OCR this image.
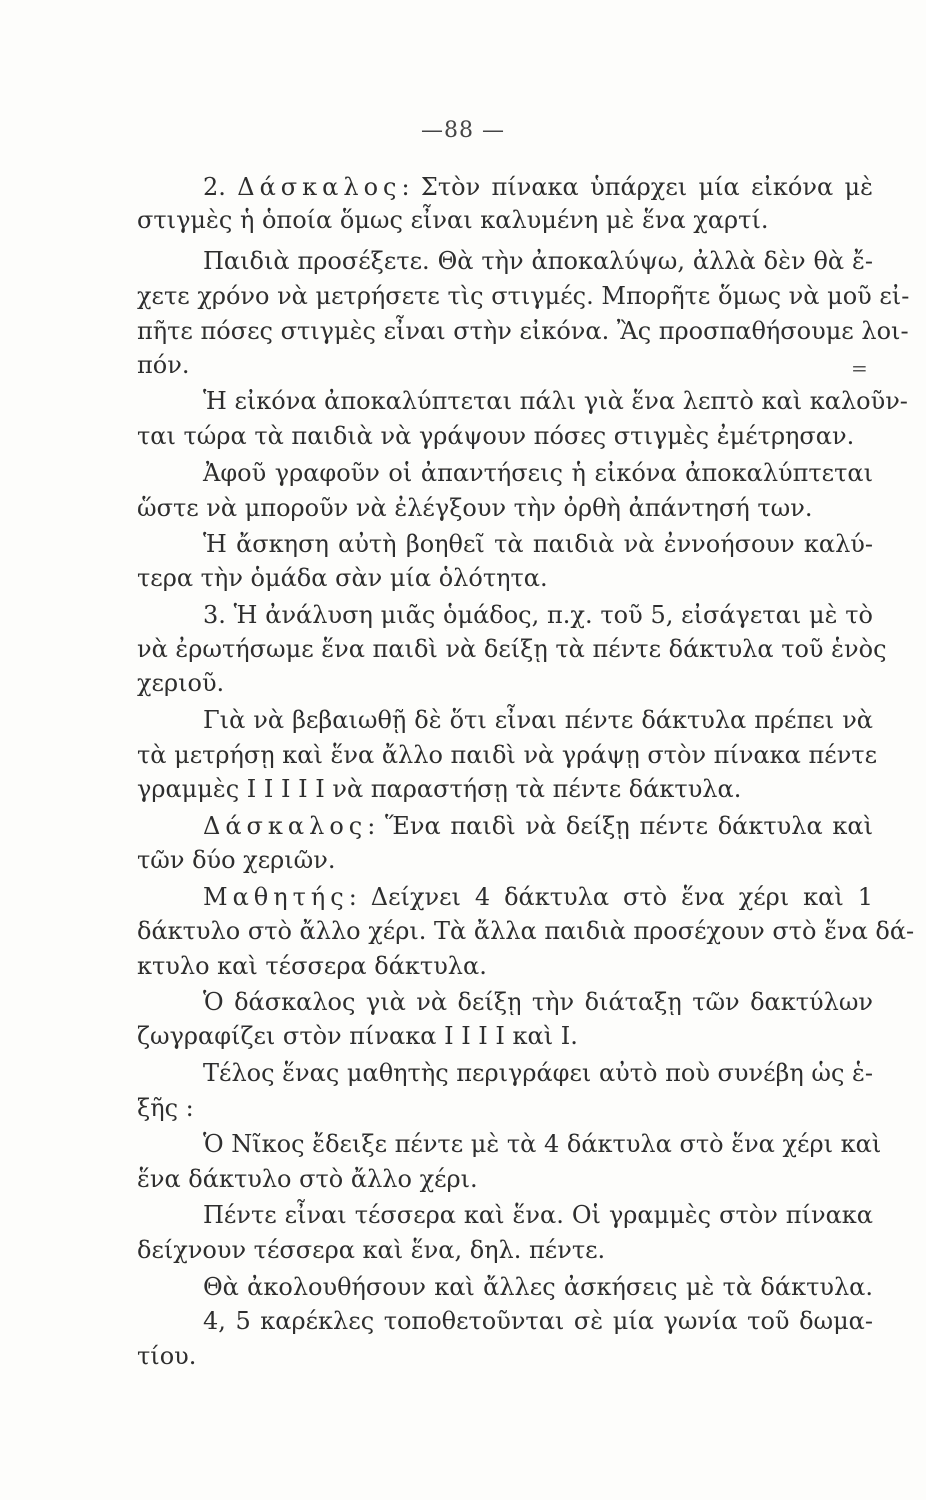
—88 —
=
2. Δάσκαλος: Στὸν πίνακα ὑπάρχει μία εἰκόνα μὲ
στιγμὲς ἡ ὁποία ὅμως εἶναι καλυμένη μὲ ἕνα χαρτί.
Παιδιὰ προσέξετε. Θὰ τὴν ἀποκαλύψω, ἀλλὰ δὲν θὰ ἔ-
χετε χρόνο νὰ μετρήσετε τὶς στιγμές. Μπορῆτε ὅμως νὰ μοῦ εἰ-
πῆτε πόσες στιγμὲς εἶναι στὴν εἰκόνα. Ἂς προσπαθήσουμε λοι-
πόν.
Ἡ εἰκόνα ἀποκαλύπτεται πάλι γιὰ ἕνα λεπτὸ καὶ καλοῦν-
ται τώρα τὰ παιδιὰ νὰ γράψουν πόσες στιγμὲς ἐμέτρησαν.
Ἀφοῦ γραφοῦν οἱ ἀπαντήσεις ἡ εἰκόνα ἀποκαλύπτεται
ὥστε νὰ μποροῦν νὰ ἐλέγξουν τὴν ὀρθὴ ἀπάντησή των.
Ἡ ἄσκηση αὐτὴ βοηθεῖ τὰ παιδιὰ νὰ ἐννοήσουν καλύ-
τερα τὴν ὁμάδα σὰν μία ὁλότητα.
3. Ἡ ἀνάλυση μιᾶς ὁμάδος, π.χ. τοῦ 5, εἰσάγεται μὲ τὸ
νὰ ἐρωτήσωμε ἕνα παιδὶ νὰ δείξῃ τὰ πέντε δάκτυλα τοῦ ἑνὸς
χεριοῦ.
Γιὰ νὰ βεβαιωθῇ δὲ ὅτι εἶναι πέντε δάκτυλα πρέπει νὰ
τὰ μετρήσῃ καὶ ἕνα ἄλλο παιδὶ νὰ γράψῃ στὸν πίνακα πέντε
γραμμὲς Ι Ι Ι Ι Ι νὰ παραστήσῃ τὰ πέντε δάκτυλα.
Δάσκαλος: Ἕνα παιδὶ νὰ δείξῃ πέντε δάκτυλα καὶ
τῶν δύο χεριῶν.
Μαθητής: Δείχνει 4 δάκτυλα στὸ ἕνα χέρι καὶ 1
δάκτυλο στὸ ἄλλο χέρι. Τὰ ἄλλα παιδιὰ προσέχουν στὸ ἕνα δά-
κτυλο καὶ τέσσερα δάκτυλα.
Ὁ δάσκαλος γιὰ νὰ δείξῃ τὴν διάταξῃ τῶν δακτύλων
ζωγραφίζει στὸν πίνακα Ι Ι Ι Ι καὶ Ι.
Τέλος ἕνας μαθητὴς περιγράφει αὐτὸ ποὺ συνέβη ὡς ἑ-
ξῆς :
Ὁ Νῖκος ἔδειξε πέντε μὲ τὰ 4 δάκτυλα στὸ ἕνα χέρι καὶ
ἕνα δάκτυλο στὸ ἄλλο χέρι.
Πέντε εἶναι τέσσερα καὶ ἕνα. Οἱ γραμμὲς στὸν πίνακα
δείχνουν τέσσερα καὶ ἕνα, δηλ. πέντε.
Θὰ ἀκολουθήσουν καὶ ἄλλες ἀσκήσεις μὲ τὰ δάκτυλα.
4, 5 καρέκλες τοποθετοῦνται σὲ μία γωνία τοῦ δωμα-
τίου.
